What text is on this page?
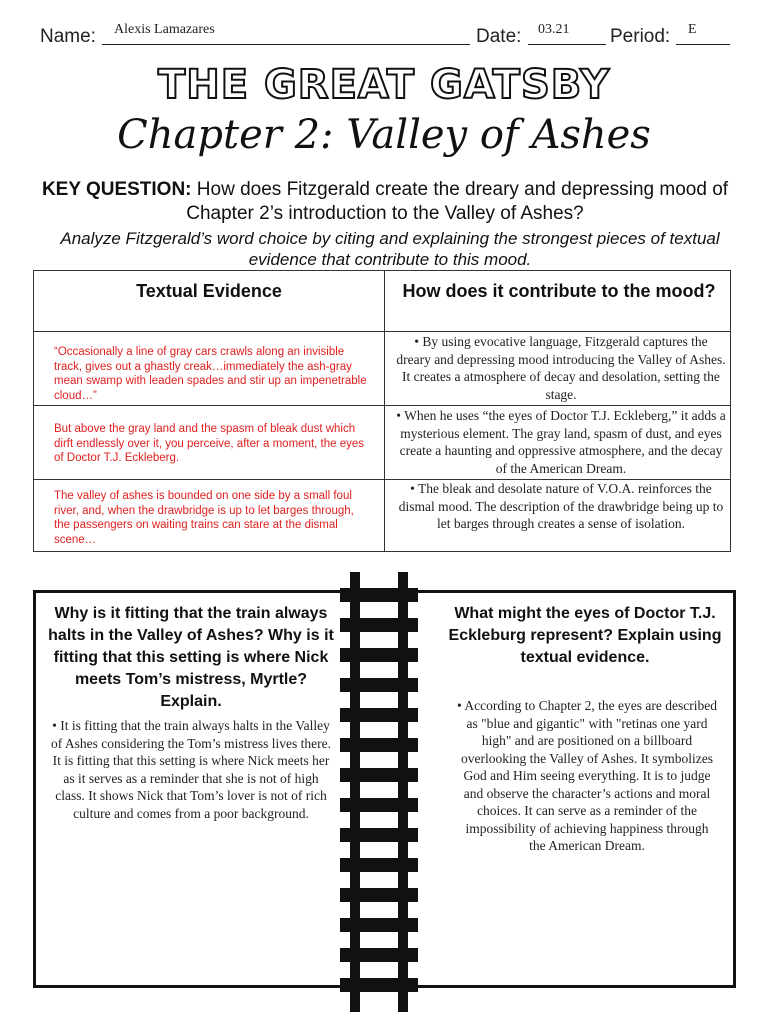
Name: Alexis Lamazares	Date: 03.21 Period: E
THE GREAT GATSBY
Chapter 2: Valley of Ashes
KEY QUESTION: How does Fitzgerald create the dreary and depressing mood of Chapter 2’s introduction to the Valley of Ashes?
Analyze Fitzgerald’s word choice by citing and explaining the strongest pieces of textual evidence that contribute to this mood.
Textual Evidence	How does it contribute to the mood?
“Occasionally a line of gray cars crawls along an invisible track, gives out a ghastly creak…immediately the ash-gray mean swamp with leaden spades and stir up an impenetrable cloud…”
• By using evocative language, Fitzgerald captures the dreary and depressing mood introducing the Valley of Ashes. It creates a atmosphere of decay and desolation, setting the stage.
But above the gray land and the spasm of bleak dust which dirft endlessly over it, you perceive, after a moment, the eyes of Doctor T.J. Eckleberg.
• When he uses “the eyes of Doctor T.J. Eckleberg,” it adds a mysterious element. The gray land, spasm of dust, and eyes create a haunting and oppressive atmosphere, and the decay of the American Dream.
The valley of ashes is bounded on one side by a small foul river, and, when the drawbridge is up to let barges through, the passengers on waiting trains can stare at the dismal scene…
• The bleak and desolate nature of V.O.A. reinforces the dismal mood. The description of the drawbridge being up to let barges through creates a sense of isolation.
Why is it fitting that the train always halts in the Valley of Ashes? Why is it fitting that this setting is where Nick meets Tom’s mistress, Myrtle? Explain.
• It is fitting that the train always halts in the Valley of Ashes considering the Tom’s mistress lives there. It is fitting that this setting is where Nick meets her as it serves as a reminder that she is not of high class. It shows Nick that Tom’s lover is not of rich culture and comes from a poor background.
What might the eyes of Doctor T.J. Eckleburg represent? Explain using textual evidence.
• According to Chapter 2, the eyes are described as "blue and gigantic" with "retinas one yard high" and are positioned on a billboard overlooking the Valley of Ashes. It symbolizes God and Him seeing everything. It is to judge and observe the character’s actions and moral choices. It can serve as a reminder of the impossibility of achieving happiness through the American Dream.
